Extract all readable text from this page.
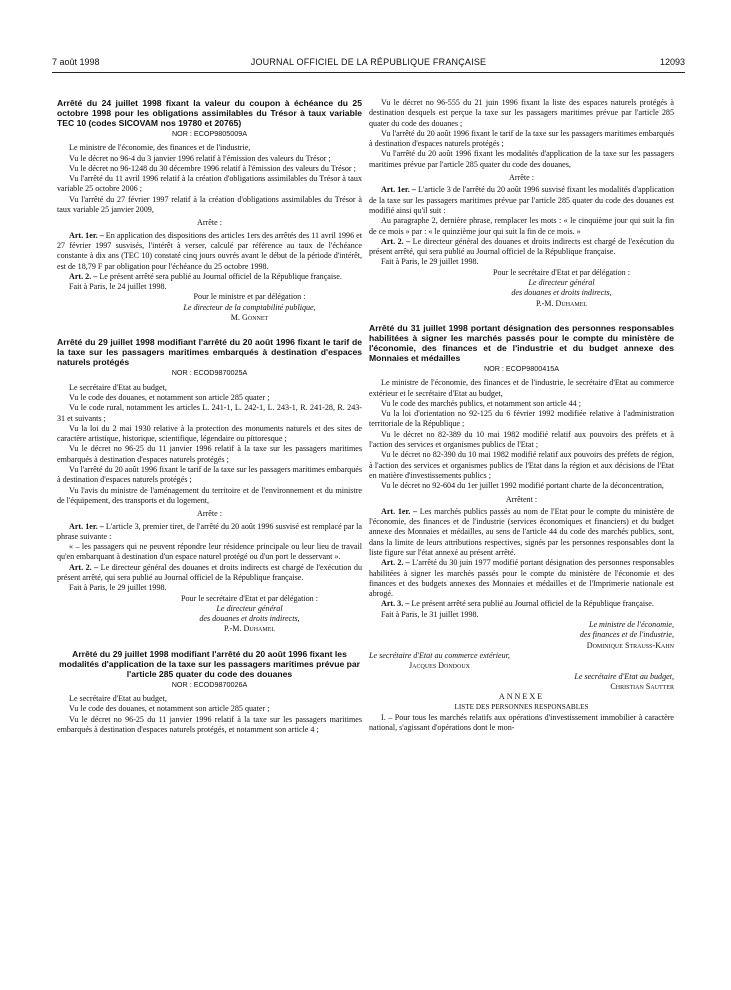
7 août 1998	JOURNAL OFFICIEL DE LA RÉPUBLIQUE FRANÇAISE	12093

Arrêté du 24 juillet 1998 fixant la valeur du coupon à échéance du 25 octobre 1998 pour les obligations assimilables du Trésor à taux variable TEC 10 (codes SICOVAM nos 19780 et 20765)

NOR : ECOP9805009A

Le ministre de l'économie, des finances et de l'industrie,

Vu le décret no 96-4 du 3 janvier 1996 relatif à l'émission des valeurs du Trésor ;

Vu le décret no 96-1248 du 30 décembre 1996 relatif à l'émission des valeurs du Trésor ;

Vu l'arrêté du 11 avril 1996 relatif à la création d'obligations assimilables du Trésor à taux variable 25 octobre 2006 ;

Vu l'arrêté du 27 février 1997 relatif à la création d'obligations assimilables du Trésor à taux variable 25 janvier 2009,

Arrête :

Art. 1er. – En application des dispositions des articles 1ers des arrêtés des 11 avril 1996 et 27 février 1997 susvisés, l'intérêt à verser, calculé par référence au taux de l'échéance constante à dix ans (TEC 10) constaté cinq jours ouvrés avant le début de la période d'intérêt, est de 18,79 F par obligation pour l'échéance du 25 octobre 1998.

Art. 2. – Le présent arrêté sera publié au Journal officiel de la République française.

Fait à Paris, le 24 juillet 1998.

Pour le ministre et par délégation :

Le directeur de la comptabilité publique,

M. Gonnet

Arrêté du 29 juillet 1998 modifiant l'arrêté du 20 août 1996 fixant le tarif de la taxe sur les passagers maritimes embarqués à destination d'espaces naturels protégés

NOR : ECOD9870025A

Le secrétaire d'Etat au budget,

Vu le code des douanes, et notamment son article 285 quater ;

Vu le code rural, notamment les articles L. 241-1, L. 242-1, L. 243-1, R. 241-28, R. 243-31 et suivants ;

Vu la loi du 2 mai 1930 relative à la protection des monuments naturels et des sites de caractère artistique, historique, scientifique, légendaire ou pittoresque ;

Vu le décret no 96-25 du 11 janvier 1996 relatif à la taxe sur les passagers maritimes embarqués à destination d'espaces naturels protégés ;

Vu l'arrêté du 20 août 1996 fixant le tarif de la taxe sur les passagers maritimes embarqués à destination d'espaces naturels protégés ;

Vu l'avis du ministre de l'aménagement du territoire et de l'environnement et du ministre de l'équipement, des transports et du logement,

Arrête :

Art. 1er. – L'article 3, premier tiret, de l'arrêté du 20 août 1996 susvisé est remplacé par la phrase suivante :

« – les passagers qui ne peuvent répondre leur résidence principale ou leur lieu de travail qu'en embarquant à destination d'un espace naturel protégé ou d'un port le desservant ».

Art. 2. – Le directeur général des douanes et droits indirects est chargé de l'exécution du présent arrêté, qui sera publié au Journal officiel de la République française.

Fait à Paris, le 29 juillet 1998.

Pour le secrétaire d'Etat et par délégation :

Le directeur général

des douanes et droits indirects,

P.-M. Duhamel

Arrêté du 29 juillet 1998 modifiant l'arrêté du 20 août 1996 fixant les modalités d'application de la taxe sur les passagers maritimes prévue par l'article 285 quater du code des douanes

NOR : ECOD9870026A

Le secrétaire d'Etat au budget,

Vu le code des douanes, et notamment son article 285 quater ;

Vu le décret no 96-25 du 11 janvier 1996 relatif à la taxe sur les passagers maritimes embarqués à destination d'espaces naturels protégés, et notamment son article 4 ;

Vu le décret no 96-555 du 21 juin 1996 fixant la liste des espaces naturels protégés à destination desquels est perçue la taxe sur les passagers maritimes prévue par l'article 285 quater du code des douanes ;

Vu l'arrêté du 20 août 1996 fixant le tarif de la taxe sur les passagers maritimes embarqués à destination d'espaces naturels protégés ;

Vu l'arrêté du 20 août 1996 fixant les modalités d'application de la taxe sur les passagers maritimes prévue par l'article 285 quater du code des douanes,

Arrête :

Art. 1er. – L'article 3 de l'arrêté du 20 août 1996 susvisé fixant les modalités d'application de la taxe sur les passagers maritimes prévue par l'article 285 quater du code des douanes est modifié ainsi qu'il suit :

Au paragraphe 2, dernière phrase, remplacer les mots : « le cinquième jour qui suit la fin de ce mois » par : « le quinzième jour qui suit la fin de ce mois. »

Art. 2. – Le directeur général des douanes et droits indirects est chargé de l'exécution du présent arrêté, qui sera publié au Journal officiel de la République française.

Fait à Paris, le 29 juillet 1998.

Pour le secrétaire d'Etat et par délégation :

Le directeur général

des douanes et droits indirects,

P.-M. Duhamel

Arrêté du 31 juillet 1998 portant désignation des personnes responsables habilitées à signer les marchés passés pour le compte du ministère de l'économie, des finances et de l'industrie et du budget annexe des Monnaies et médailles

NOR : ECOP9800415A

Le ministre de l'économie, des finances et de l'industrie, le secrétaire d'Etat au commerce extérieur et le secrétaire d'Etat au budget,

Vu le code des marchés publics, et notamment son article 44 ;

Vu la loi d'orientation no 92-125 du 6 février 1992 modifiée relative à l'administration territoriale de la République ;

Vu le décret no 82-389 du 10 mai 1982 modifié relatif aux pouvoirs des préfets et à l'action des services et organismes publics de l'Etat ;

Vu le décret no 82-390 du 10 mai 1982 modifié relatif aux pouvoirs des préfets de région, à l'action des services et organismes publics de l'Etat dans la région et aux décisions de l'Etat en matière d'investissements publics ;

Vu le décret no 92-604 du 1er juillet 1992 modifié portant charte de la déconcentration,

Arrêtent :

Art. 1er. – Les marchés publics passés au nom de l'Etat pour le compte du ministère de l'économie, des finances et de l'industrie (services économiques et financiers) et du budget annexe des Monnaies et médailles, au sens de l'article 44 du code des marchés publics, sont, dans la limite de leurs attributions respectives, signés par les personnes responsables dont la liste figure sur l'état annexé au présent arrêté.

Art. 2. – L'arrêté du 30 juin 1977 modifié portant désignation des personnes responsables habilitées à signer les marchés passés pour le compte du ministère de l'économie et des finances et des budgets annexes des Monnaies et médailles et de l'Imprimerie nationale est abrogé.

Art. 3. – Le présent arrêté sera publié au Journal officiel de la République française.

Fait à Paris, le 31 juillet 1998.

Le ministre de l'économie,

des finances et de l'industrie,

Dominique Strauss-Kahn

Le secrétaire d'Etat au commerce extérieur,

Jacques Dondoux

Le secrétaire d'Etat au budget,

Christian Sautter

ANNEXE

LISTE DES PERSONNES RESPONSABLES

I. – Pour tous les marchés relatifs aux opérations d'investissement immobilier à caractère national, s'agissant d'opérations dont le mon-
